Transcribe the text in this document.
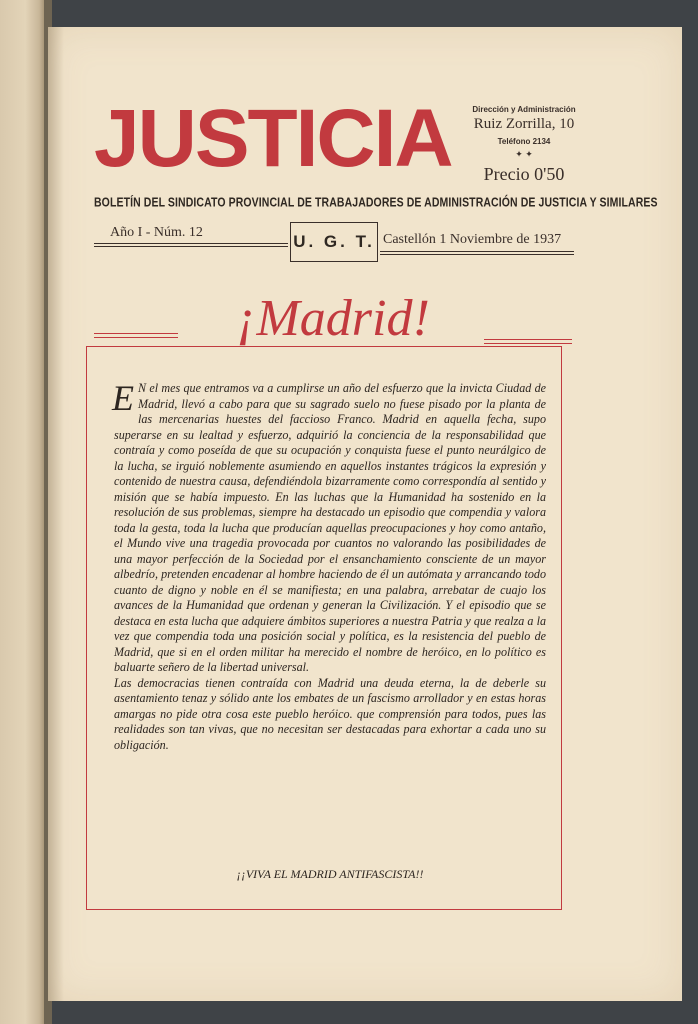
JUSTICIA	Dirección y Administración
Ruiz Zorrilla, 10
Teléfono 2134
✦ ✦
Precio 0'50
BOLETÍN DEL SINDICATO PROVINCIAL DE TRABAJADORES DE ADMINISTRACIÓN DE JUSTICIA Y SIMILARES
Año I - Núm. 12	U. G. T. Castellón 1 Noviembre de 1937
¡Madrid!

E N el mes que entramos va a cumplirse un año del esfuerzo que la invicta Ciudad de Madrid, llevó a cabo para que su sagrado suelo no fuese pisado por la planta de las mercenarias huestes del faccioso Franco. Madrid en aquella fecha, supo superarse en su lealtad y esfuerzo, adquirió la conciencia de la responsabilidad que contraía y como poseída de que su ocupación y conquista fuese el punto neurálgico de la lucha, se irguió noblemente asumiendo en aquellos instantes trágicos la expresión y contenido de nuestra causa, defendiéndola bizarramente como correspondía al sentido y misión que se había impuesto. En las luchas que la Humanidad ha sostenido en la resolución de sus problemas, siempre ha destacado un episodio que compendia y valora toda la gesta, toda la lucha que producían aquellas preocupaciones y hoy como antaño, el Mundo vive una tragedia provocada por cuantos no valorando las posibilidades de una mayor perfección de la Sociedad por el ensanchamiento consciente de un mayor albedrío, pretenden encadenar al hombre haciendo de él un autómata y arrancando todo cuanto de digno y noble en él se manifiesta; en una palabra, arrebatar de cuajo los avances de la Humanidad que ordenan y generan la Civilización. Y el episodio que se destaca en esta lucha que adquiere ámbitos superiores a nuestra Patria y que realza a la vez que compendia toda una posición social y política, es la resistencia del pueblo de Madrid, que si en el orden militar ha merecido el nombre de heróico, en lo político es baluarte señero de la libertad universal.

Las democracias tienen contraída con Madrid una deuda eterna, la de deberle su asentamiento tenaz y sólido ante los embates de un fascismo arrollador y en estas horas amargas no pide otra cosa este pueblo heróico. que comprensión para todos, pues las realidades son tan vivas, que no necesitan ser destacadas para exhortar a cada uno su obligación.

¡¡VIVA EL MADRID ANTIFASCISTA!!
